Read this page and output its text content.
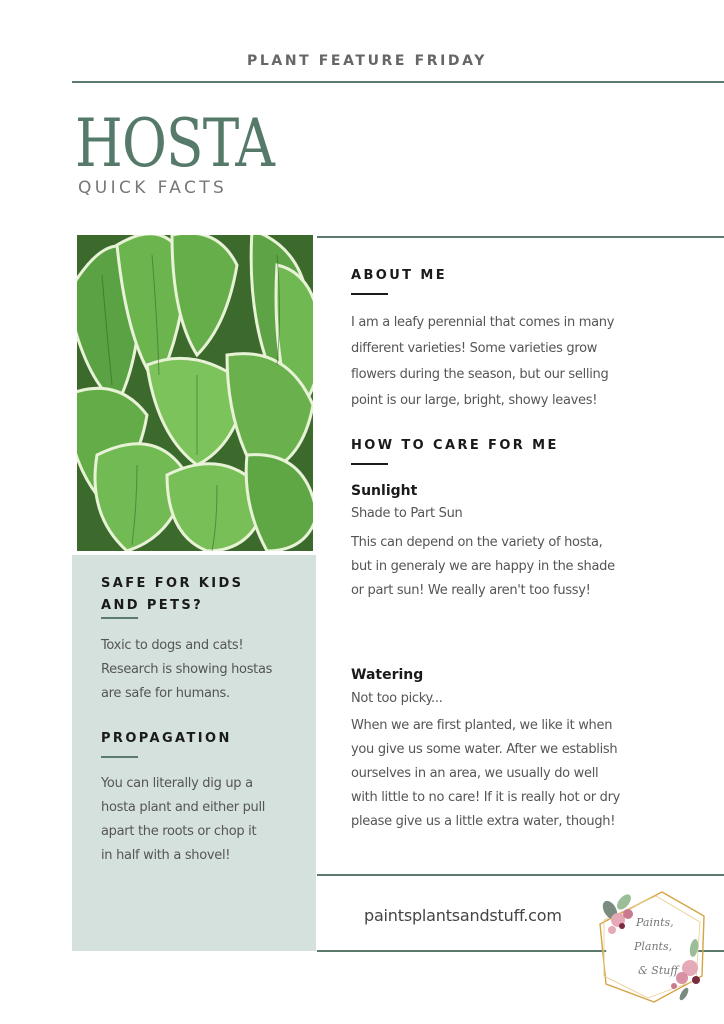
PLANT FEATURE FRIDAY
HOSTA
QUICK FACTS
ABOUT ME
I am a leafy perennial that comes in many
different varieties! Some varieties grow
flowers during the season, but our selling
point is our large, bright, showy leaves!
HOW TO CARE FOR ME
Sunlight
Shade to Part Sun
This can depend on the variety of hosta,
but in generaly we are happy in the shade
or part sun! We really aren't too fussy!
Watering
Not too picky...
When we are first planted, we like it when
you give us some water. After we establish
ourselves in an area, we usually do well
with little to no care! If it is really hot or dry
please give us a little extra water, though!
SAFE FOR KIDS
AND PETS?
Toxic to dogs and cats!
Research is showing hostas
are safe for humans.
PROPAGATION
You can literally dig up a
hosta plant and either pull
apart the roots or chop it
in half with a shovel!
paintsplantsandstuff.com	Paints,
Plants,
& Stuff
